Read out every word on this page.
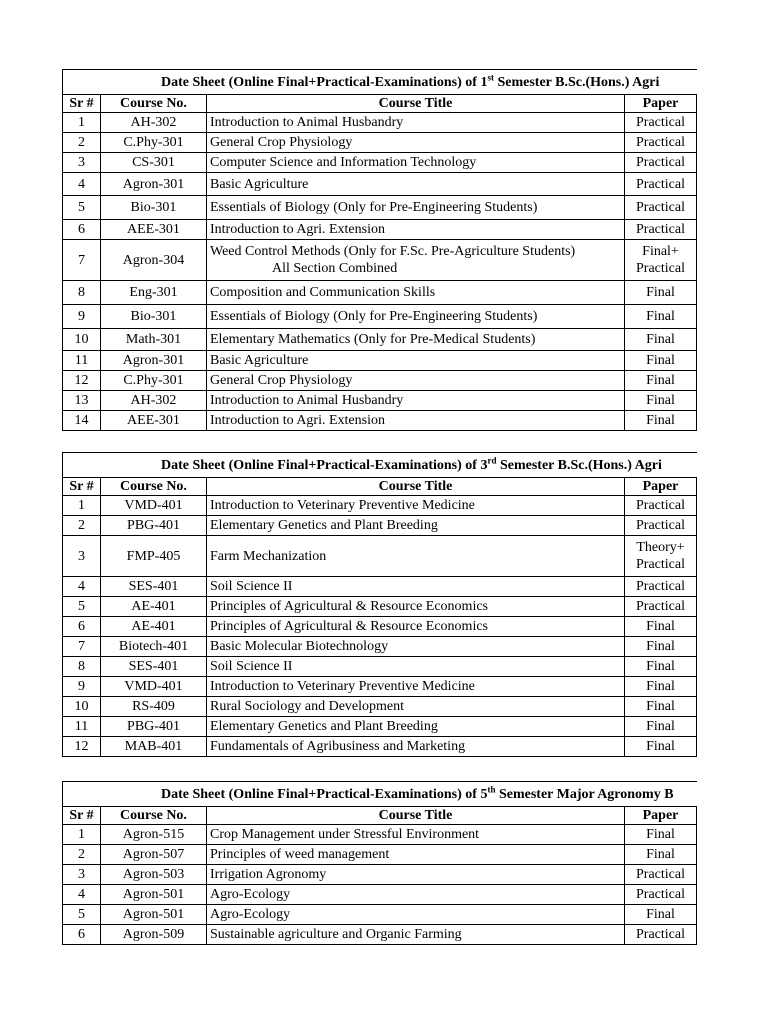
Date Sheet (Online Final+Practical-Examinations) of 1st Semester B.Sc.(Hons.) Agri			
Sr #	Course No.	Course Title	Paper
1	AH-302	Introduction to Animal Husbandry	Practical
2	C.Phy-301	General Crop Physiology	Practical
3	CS-301	Computer Science and Information Technology	Practical
4	Agron-301	Basic Agriculture	Practical
5	Bio-301	Essentials of Biology (Only for Pre-Engineering Students)	Practical
6	AEE-301	Introduction to Agri. Extension	Practical
7	Agron-304	Weed Control Methods (Only for F.Sc. Pre-Agriculture Students)
All Section Combined	Final+
Practical
8	Eng-301	Composition and Communication Skills	Final
9	Bio-301	Essentials of Biology (Only for Pre-Engineering Students)	Final
10	Math-301	Elementary Mathematics (Only for Pre-Medical Students)	Final
11	Agron-301	Basic Agriculture	Final
12	C.Phy-301	General Crop Physiology	Final
13	AH-302	Introduction to Animal Husbandry	Final
14	AEE-301	Introduction to Agri. Extension	Final
Date Sheet (Online Final+Practical-Examinations) of 3rd Semester B.Sc.(Hons.) Agri			
Sr #	Course No.	Course Title	Paper
1	VMD-401	Introduction to Veterinary Preventive Medicine	Practical
2	PBG-401	Elementary Genetics and Plant Breeding	Practical
3	FMP-405	Farm Mechanization	Theory+
Practical
4	SES-401	Soil Science II	Practical
5	AE-401	Principles of Agricultural & Resource Economics	Practical
6	AE-401	Principles of Agricultural & Resource Economics	Final
7	Biotech-401	Basic Molecular Biotechnology	Final
8	SES-401	Soil Science II	Final
9	VMD-401	Introduction to Veterinary Preventive Medicine	Final
10	RS-409	Rural Sociology and Development	Final
11	PBG-401	Elementary Genetics and Plant Breeding	Final
12	MAB-401	Fundamentals of Agribusiness and Marketing	Final
Date Sheet (Online Final+Practical-Examinations) of 5th Semester Major Agronomy B			
Sr #	Course No.	Course Title	Paper
1	Agron-515	Crop Management under Stressful Environment	Final
2	Agron-507	Principles of weed management	Final
3	Agron-503	Irrigation Agronomy	Practical
4	Agron-501	Agro-Ecology	Practical
5	Agron-501	Agro-Ecology	Final
6	Agron-509	Sustainable agriculture and Organic Farming	Practical
